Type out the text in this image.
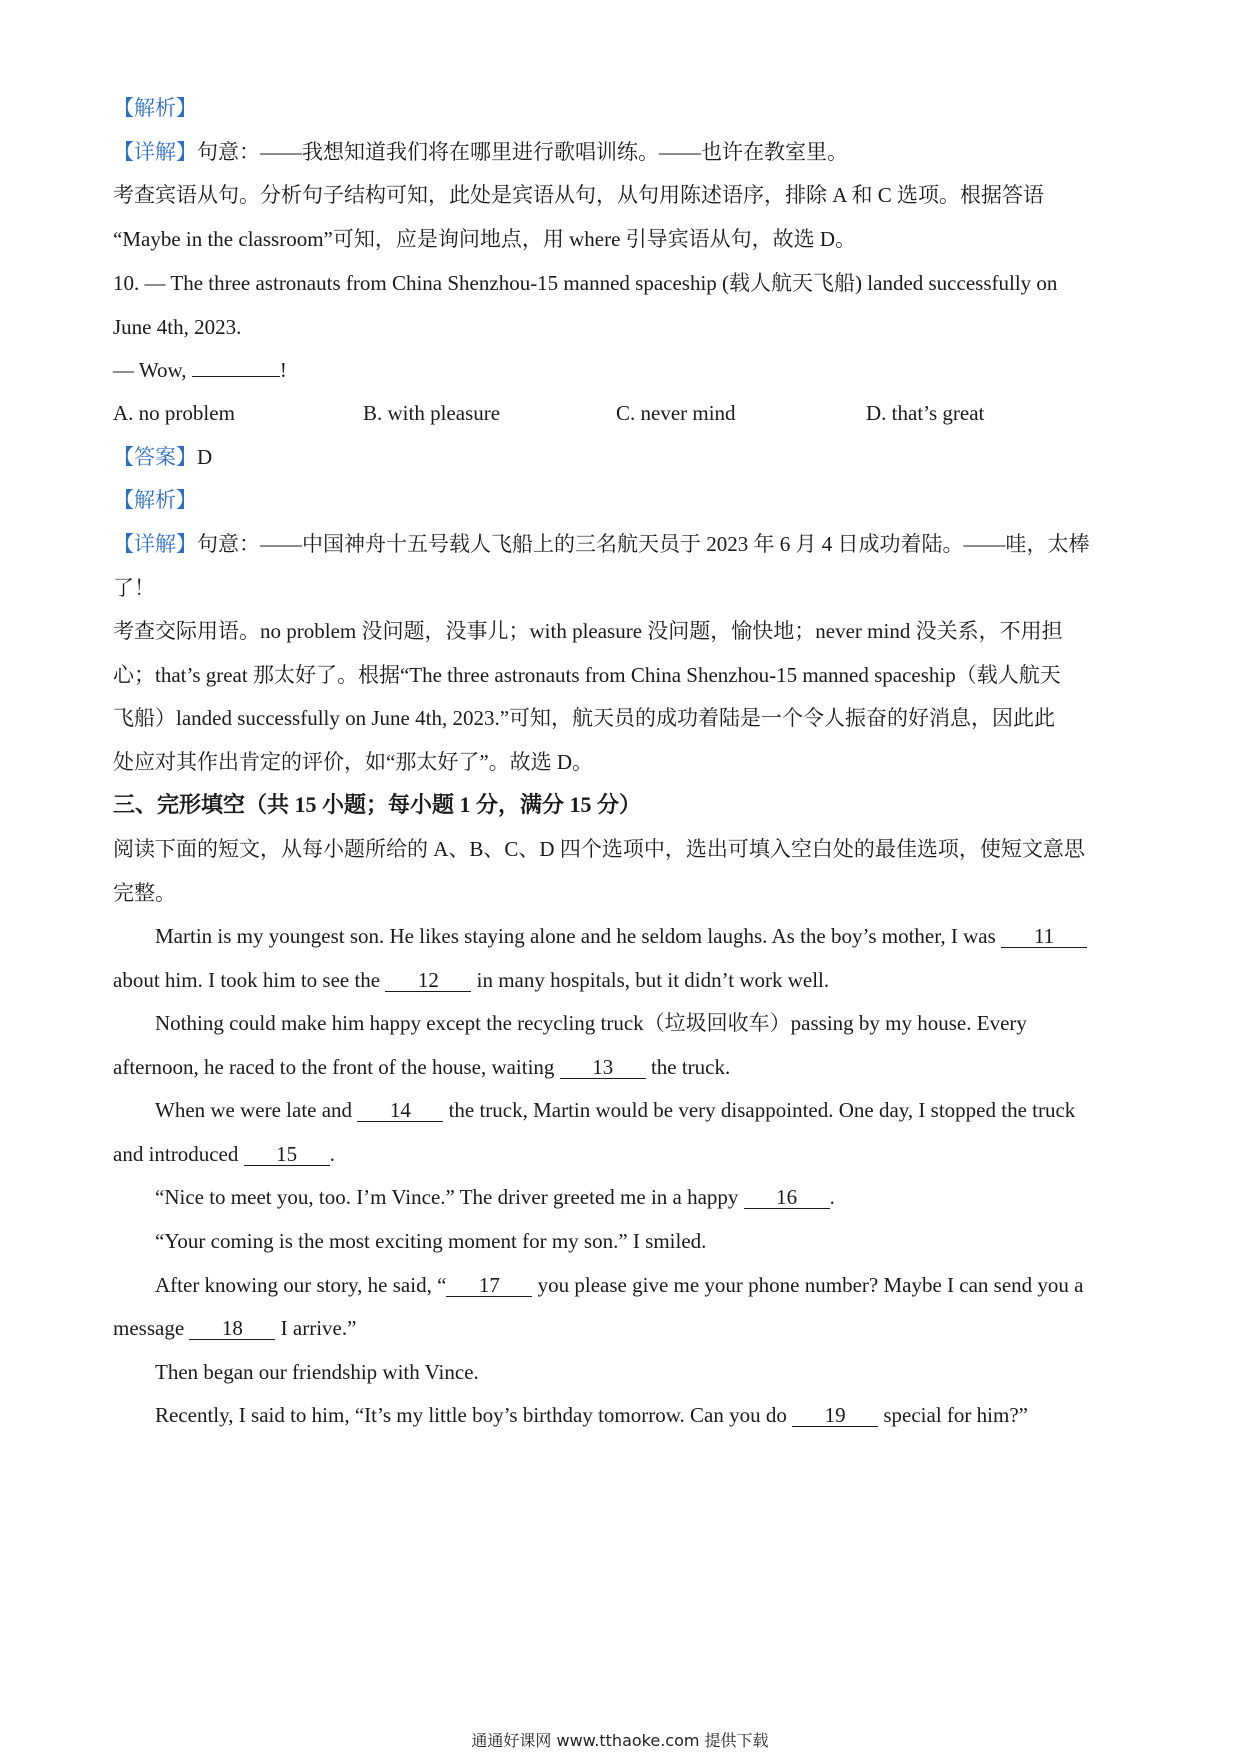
【解析】
【详解】句意：——我想知道我们将在哪里进行歌唱训练。——也许在教室里。
考查宾语从句。分析句子结构可知，此处是宾语从句，从句用陈述语序，排除 A 和 C 选项。根据答语
“Maybe in the classroom”可知，应是询问地点，用 where 引导宾语从句，故选 D。
10. — The three astronauts from China Shenzhou-15 manned spaceship (载人航天飞船) landed successfully on
June 4th, 2023.
— Wow,	!
A. no problem	B. with pleasure	C. never mind	D. that’s great
【答案】D
【解析】
【详解】句意：——中国神舟十五号载人飞船上的三名航天员于 2023 年 6 月 4 日成功着陆。——哇，太棒
了！
考查交际用语。no problem 没问题，没事儿；with pleasure 没问题，愉快地；never mind 没关系，不用担
心；that’s great 那太好了。根据“The three astronauts from China Shenzhou-15 manned spaceship（载人航天
飞船）landed successfully on June 4th, 2023.”可知，航天员的成功着陆是一个令人振奋的好消息，因此此
处应对其作出肯定的评价，如“那太好了”。故选 D。
三、完形填空（共 15 小题；每小题 1 分，满分 15 分）
阅读下面的短文，从每小题所给的 A、B、C、D 四个选项中，选出可填入空白处的最佳选项，使短文意思
完整。
Martin is my youngest son. He likes staying alone and he seldom laughs. As the boy’s mother, I was 11
about him. I took him to see the 12 in many hospitals, but it didn’t work well.
Nothing could make him happy except the recycling truck（垃圾回收车）passing by my house. Every
afternoon, he raced to the front of the house, waiting 13 the truck.
When we were late and 14 the truck, Martin would be very disappointed. One day, I stopped the truck
and introduced 15 .
“Nice to meet you, too. I’m Vince.” The driver greeted me in a happy 16 .
“Your coming is the most exciting moment for my son.” I smiled.
After knowing our story, he said, “ 17 you please give me your phone number? Maybe I can send you a
message 18 I arrive.”
Then began our friendship with Vince.
Recently, I said to him, “It’s my little boy’s birthday tomorrow. Can you do 19 special for him?”
通通好课网 www.tthaoke.com 提供下载
